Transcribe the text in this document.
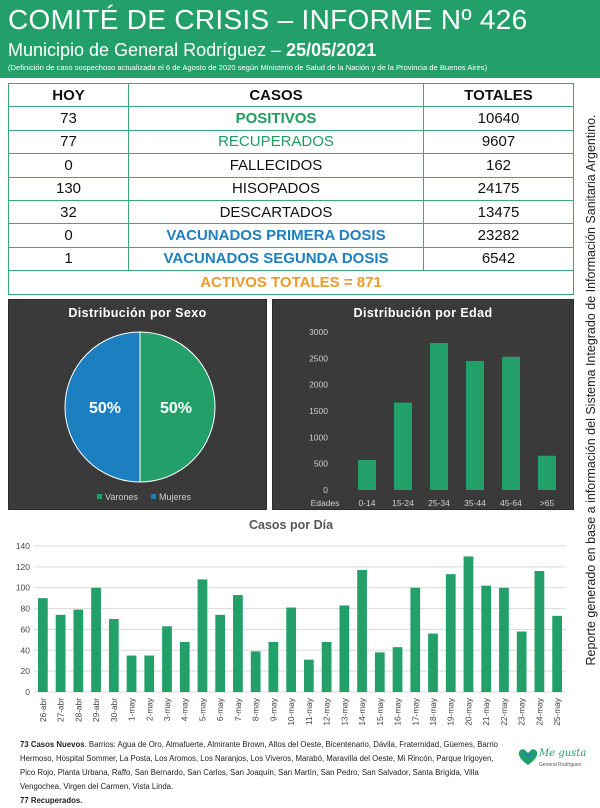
COMITÉ DE CRISIS – INFORME Nº 426
Municipio de General Rodríguez – 25/05/2021
(Definición de caso sospechoso actualizada el 6 de Agosto de 2020 según Ministerio de Salud de la Nación y de la Provincia de Buenos Aires)
HOY	CASOS	TOTALES
73	POSITIVOS	10640
77	RECUPERADOS	9607
0	FALLECIDOS	162
130	HISOPADOS	24175
32	DESCARTADOS	13475
0	VACUNADOS PRIMERA DOSIS	23282
1	VACUNADOS SEGUNDA DOSIS	6542
ACTIVOS TOTALES = 871		
Distribución por Sexo
50%
50%
Varones Mujeres
Distribución por Edad
0
500
1000
1500
2000
2500
3000
Edades 0-14 15-24 25-34 35-44 45-64 >65
Casos por Día
0
20
40
60
80
100
120
140
26-abr 27-abr 28-abr 29-abr 30-abr 1-may 2-may 3-may 4-may 5-may 6-may 7-may 8-may 9-may 10-may 11-may 12-may 13-may 14-may 15-may 16-may 17-may 18-may 19-may 20-may 21-may 22-may 23-may 24-may 25-may
Reporte generado en base a información del Sistema Integrado de Información Sanitaria Argentino.
73 Casos Nuevos. Barrios: Agua de Oro, Almafuerte, Almirante Brown, Altos del Oeste, Bicentenario, Dávila, Fraternidad, Güemes, Barrio Hermoso, Hospital Sommer, La Posta, Los Aromos, Los Naranjos, Los Viveros, Marabó, Maravilla del Oeste, Mi Rincón, Parque Irigoyen, Pico Rojo, Planta Urbana, Raffo, San Bernardo, San Carlos, San Joaquín, San Martín, San Pedro, San Salvador, Santa Brígida, Villa Vengochea, Virgen del Carmen, Vista Linda.
77 Recuperados.
Me gusta
General Rodríguez
